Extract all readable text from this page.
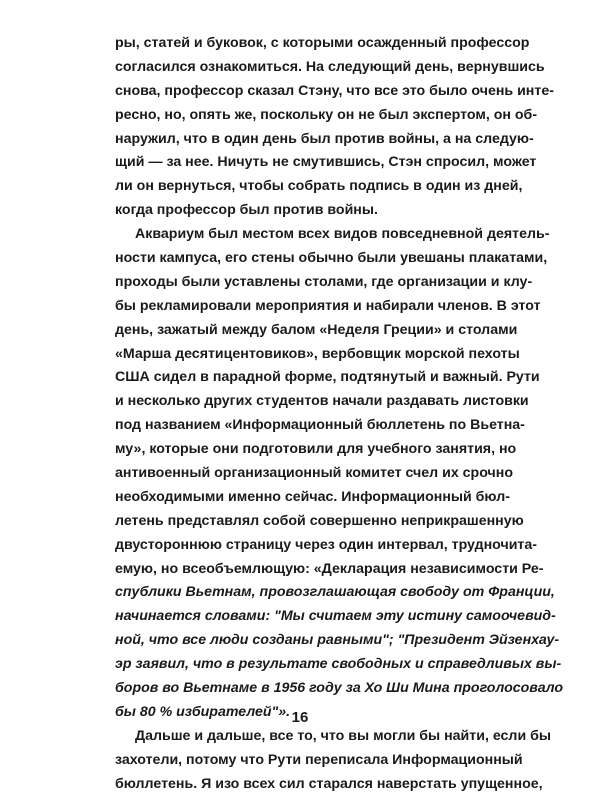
ры, статей и буковок, с которыми осажденный профессор
согласился ознакомиться. На следующий день, вернувшись
снова, профессор сказал Стэну, что все это было очень инте-
ресно, но, опять же, поскольку он не был экспертом, он об-
наружил, что в один день был против войны, а на следую-
щий — за нее. Ничуть не смутившись, Стэн спросил, может
ли он вернуться, чтобы собрать подпись в один из дней,
когда профессор был против войны.
Аквариум был местом всех видов повседневной деятель-
ности кампуса, его стены обычно были увешаны плакатами,
проходы были уставлены столами, где организации и клу-
бы рекламировали мероприятия и набирали членов. В этот
день, зажатый между балом «Неделя Греции» и столами
«Марша десятицентовиков», вербовщик морской пехоты
США сидел в парадной форме, подтянутый и важный. Рути
и несколько других студентов начали раздавать листовки
под названием «Информационный бюллетень по Вьетна-
му», которые они подготовили для учебного занятия, но
антивоенный организационный комитет счел их срочно
необходимыми именно сейчас. Информационный бюл-
летень представлял собой совершенно неприкрашенную
двустороннюю страницу через один интервал, трудночита-
емую, но всеобъемлющую: «Декларация независимости Ре-
спублики Вьетнам, провозглашающая свободу от Франции,
начинается словами: "Мы считаем эту истину самоочевид-
ной, что все люди созданы равными"; "Президент Эйзенхау-
эр заявил, что в результате свободных и справедливых вы-
боров во Вьетнаме в 1956 году за Хо Ши Мина проголосовало
бы 80 % избирателей"».
Дальше и дальше, все то, что вы могли бы найти, если бы
захотели, потому что Рути переписала Информационный
бюллетень. Я изо всех сил старался наверстать упущенное,
16
